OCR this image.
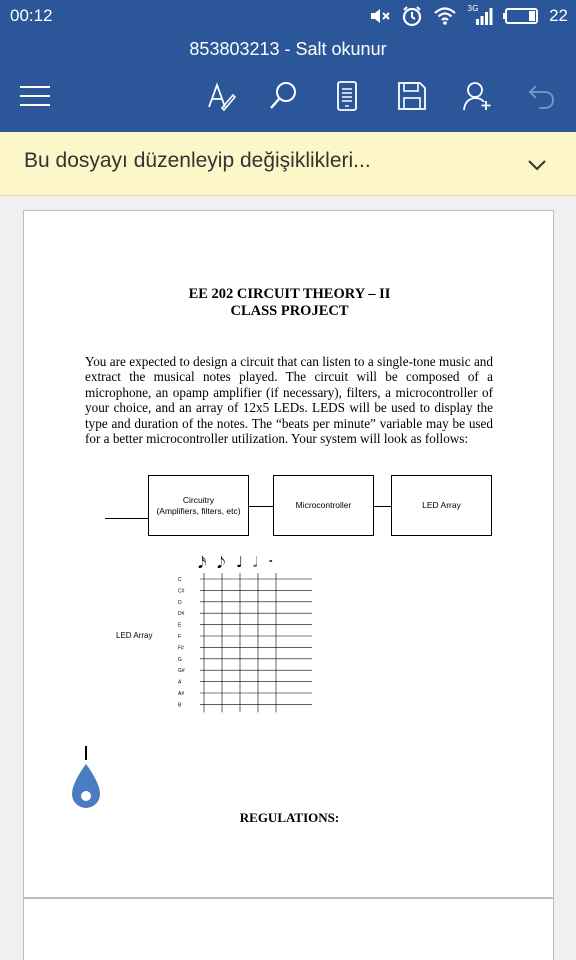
00:12	3G	22
853803213 - Salt okunur
Bu dosyayı düzenleyip değişiklikleri...
EE 202 CIRCUIT THEORY – II
CLASS PROJECT
You are expected to design a circuit that can listen to a single-tone music and extract the musical notes played. The circuit will be composed of a microphone, an opamp amplifier (if necessary), filters, a microcontroller of your choice, and an array of 12x5 LEDs. LEDS will be used to display the type and duration of the notes. The “beats per minute” variable may be used for a better microcontroller utilization. Your system will look as follows:
Circuitry
(Amplifiers, filters, etc)
Microcontroller	LED Array
LED Array
𝅘𝅥𝅯 𝅘𝅥𝅮 ♩ 𝅗𝅥 𝅝
C
C#
D
D#
E
F
F#
G
G#
A
A#
B
REGULATIONS:
